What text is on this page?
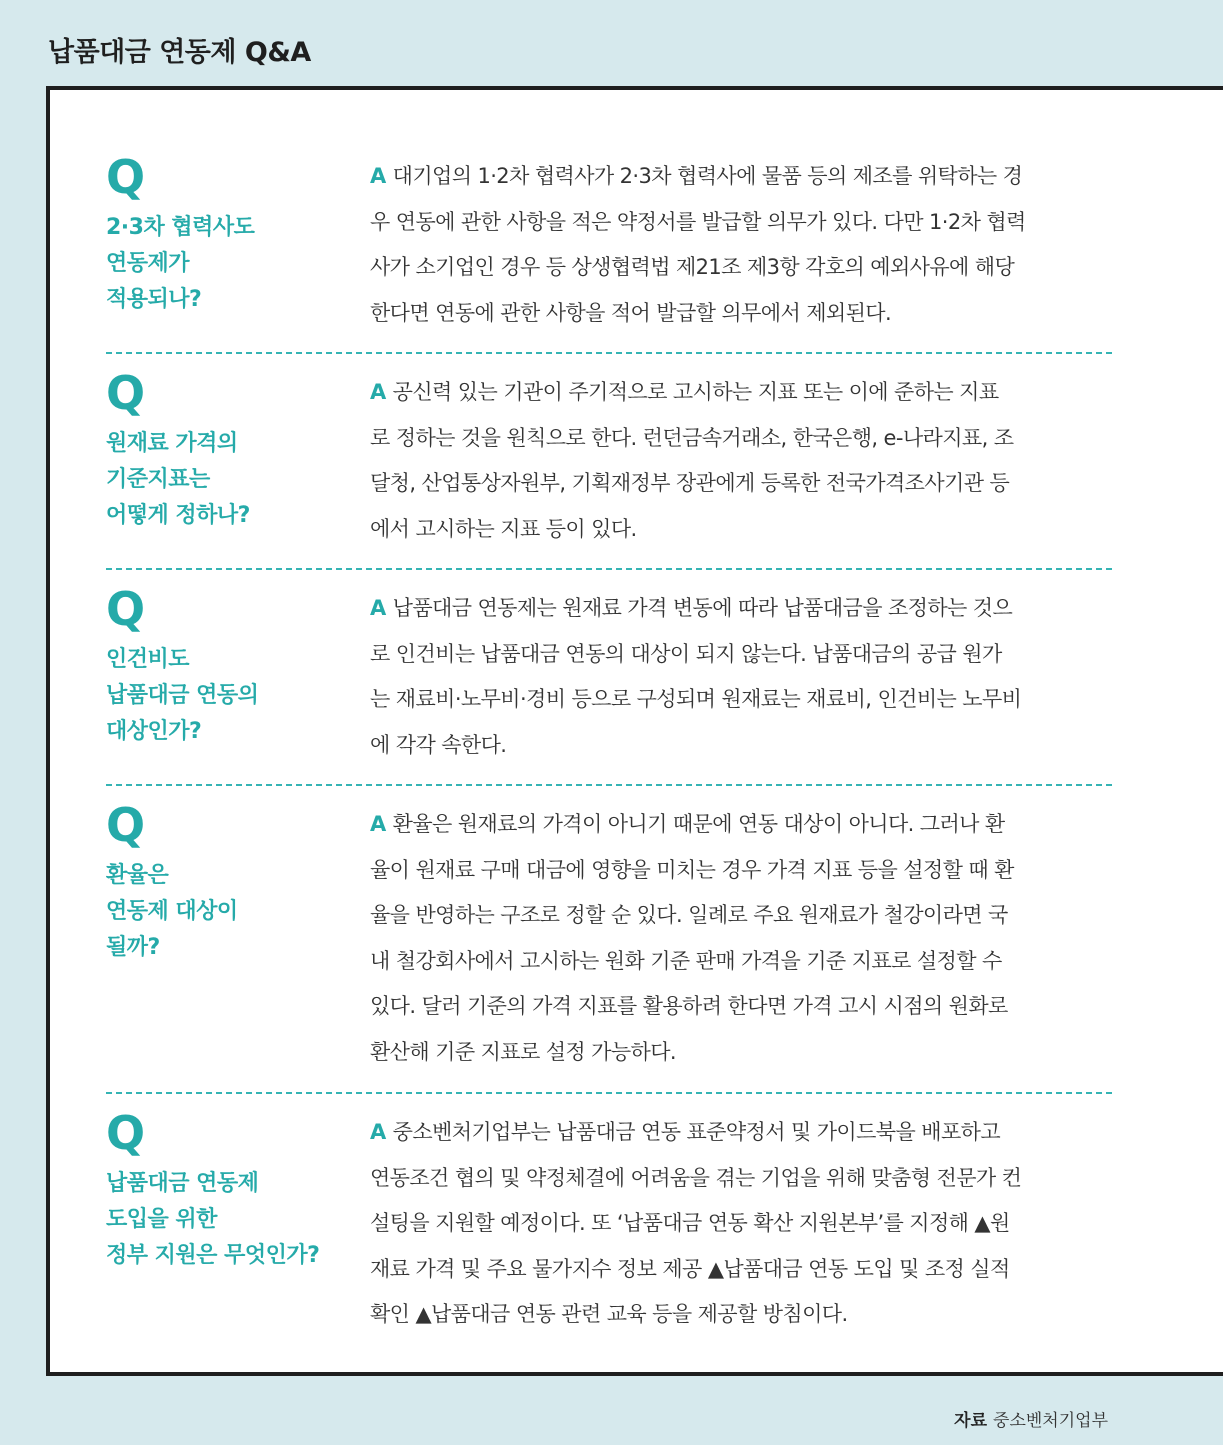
납품대금 연동제 Q&A
Q
2·3차 협력사도
연동제가
적용되나?
A 대기업의 1·2차 협력사가 2·3차 협력사에 물품 등의 제조를 위탁하는 경
우 연동에 관한 사항을 적은 약정서를 발급할 의무가 있다. 다만 1·2차 협력
사가 소기업인 경우 등 상생협력법 제21조 제3항 각호의 예외사유에 해당
한다면 연동에 관한 사항을 적어 발급할 의무에서 제외된다.
Q
원재료 가격의
기준지표는
어떻게 정하나?
A 공신력 있는 기관이 주기적으로 고시하는 지표 또는 이에 준하는 지표
로 정하는 것을 원칙으로 한다. 런던금속거래소, 한국은행, e-나라지표, 조
달청, 산업통상자원부, 기획재정부 장관에게 등록한 전국가격조사기관 등
에서 고시하는 지표 등이 있다.
Q
인건비도
납품대금 연동의
대상인가?
A 납품대금 연동제는 원재료 가격 변동에 따라 납품대금을 조정하는 것으
로 인건비는 납품대금 연동의 대상이 되지 않는다. 납품대금의 공급 원가
는 재료비·노무비·경비 등으로 구성되며 원재료는 재료비, 인건비는 노무비
에 각각 속한다.
Q
환율은
연동제 대상이
될까?
A 환율은 원재료의 가격이 아니기 때문에 연동 대상이 아니다. 그러나 환
율이 원재료 구매 대금에 영향을 미치는 경우 가격 지표 등을 설정할 때 환
율을 반영하는 구조로 정할 순 있다. 일례로 주요 원재료가 철강이라면 국
내 철강회사에서 고시하는 원화 기준 판매 가격을 기준 지표로 설정할 수
있다. 달러 기준의 가격 지표를 활용하려 한다면 가격 고시 시점의 원화로
환산해 기준 지표로 설정 가능하다.
Q
납품대금 연동제
도입을 위한
정부 지원은 무엇인가?
A 중소벤처기업부는 납품대금 연동 표준약정서 및 가이드북을 배포하고
연동조건 협의 및 약정체결에 어려움을 겪는 기업을 위해 맞춤형 전문가 컨
설팅을 지원할 예정이다. 또 ‘납품대금 연동 확산 지원본부’를 지정해 ▲원
재료 가격 및 주요 물가지수 정보 제공 ▲납품대금 연동 도입 및 조정 실적
확인 ▲납품대금 연동 관련 교육 등을 제공할 방침이다.
자료 중소벤처기업부
